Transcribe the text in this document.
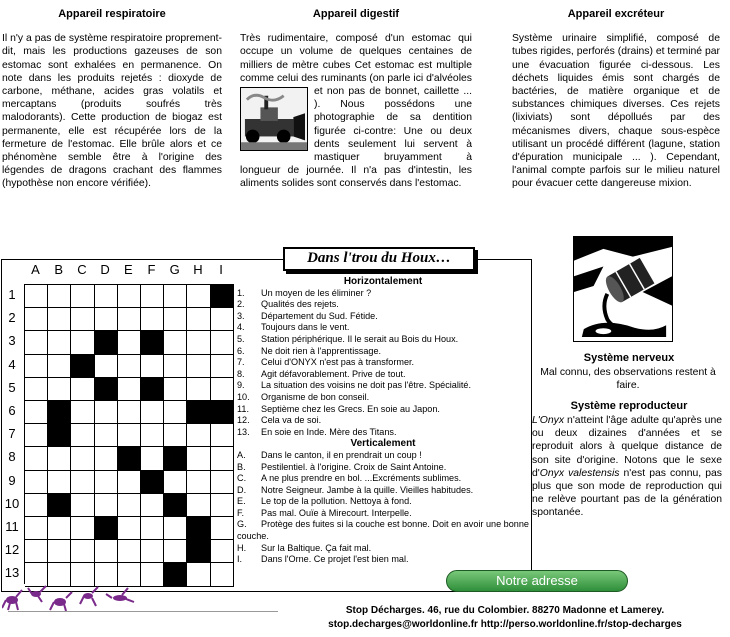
Appareil respiratoire
Il n'y a pas de système respiratoire proprement-dit, mais les productions gazeuses de son estomac sont exhalées en permanence. On note dans les produits rejetés : dioxyde de carbone, méthane, acides gras volatils et mercaptans (produits soufrés très malodorants). Cette production de biogaz est permanente, elle est récupérée lors de la fermeture de l'estomac. Elle brûle alors et ce phénomène semble être à l'origine des légendes de dragons crachant des flammes (hypothèse non encore vérifiée).
Appareil digestif
Très rudimentaire, composé d'un estomac qui occupe un volume de quelques centaines de milliers de mètre cubes Cet estomac est multiple comme celui des ruminants (on parle ici d'alvéoles et non pas de bonnet, caillette ... ). Nous possédons une photographie de sa dentition figurée ci-contre: Une ou deux dents seulement lui servent à mastiquer bruyamment à longueur de journée. Il n'a pas d'intestin, les aliments solides sont conservés dans l'estomac.
Appareil excréteur
Système urinaire simplifié, composé de tubes rigides, perforés (drains) et terminé par une évacuation figurée ci-dessous. Les déchets liquides émis sont chargés de bactéries, de matière organique et de substances chimiques diverses. Ces rejets (lixiviats) sont dépollués par des mécanismes divers, chaque sous-espèce utilisant un procédé différent (lagune, station d'épuration municipale ... ). Cependant, l'animal compte parfois sur le milieu naturel pour évacuer cette dangereuse mixion.
Dans l'trou du Houx…
A	B	C	D	E	F	G	H	I
1
2
3
4
5
6
7
8
9
10
11
12
13
Horizontalement
1.	Un moyen de les éliminer ?
2.	Qualités des rejets.
3.	Département du Sud. Fétide.
4.	Toujours dans le vent.
5.	Station périphérique. Il le serait au Bois du Houx.
6.	Ne doit rien à l'apprentissage.
7.	Celui d'ONYX n'est pas à transformer.
8.	Agit défavorablement. Prive de tout.
9.	La situation des voisins ne doit pas l'être. Spécialité.
10.	Organisme de bon conseil.
11.	Septième chez les Grecs. En soie au Japon.
12.	Cela va de soi.
13.	En soie en Inde. Mère des Titans.
Verticalement
A.	Dans le canton, il en prendrait un coup !
B.	Pestilentiel. à l'origine. Croix de Saint Antoine.
C.	A ne plus prendre en bol. ...Excréments sublimes.
D.	Notre Seigneur. Jambe à la quille. Vieilles habitudes.
E.	Le top de la pollution. Nettoya à fond.
F.	Pas mal. Ouïe à Mirecourt. Interpelle.
G. Protège des fuites si la couche est bonne. Doit en avoir une bonne couche.
H.	Sur la Baltique. Ça fait mal.
I.	Dans l'Orne. Ce projet l'est bien mal.
Système nerveux
Mal connu, des observations restent à faire.
Système reproducteur
L'Onyx n'atteint l'âge adulte qu'après une ou deux dizaines d'années et se reproduit alors à quelque distance de son site d'origine. Notons que le sexe d'Onyx valestensis n'est pas connu, pas plus que son mode de reproduction qui ne relève pourtant pas de la génération spontanée.
Notre adresse
Stop Décharges. 46, rue du Colombier. 88270 Madonne et Lamerey.
stop.decharges@worldonline.fr http://perso.worldonline.fr/stop-decharges
